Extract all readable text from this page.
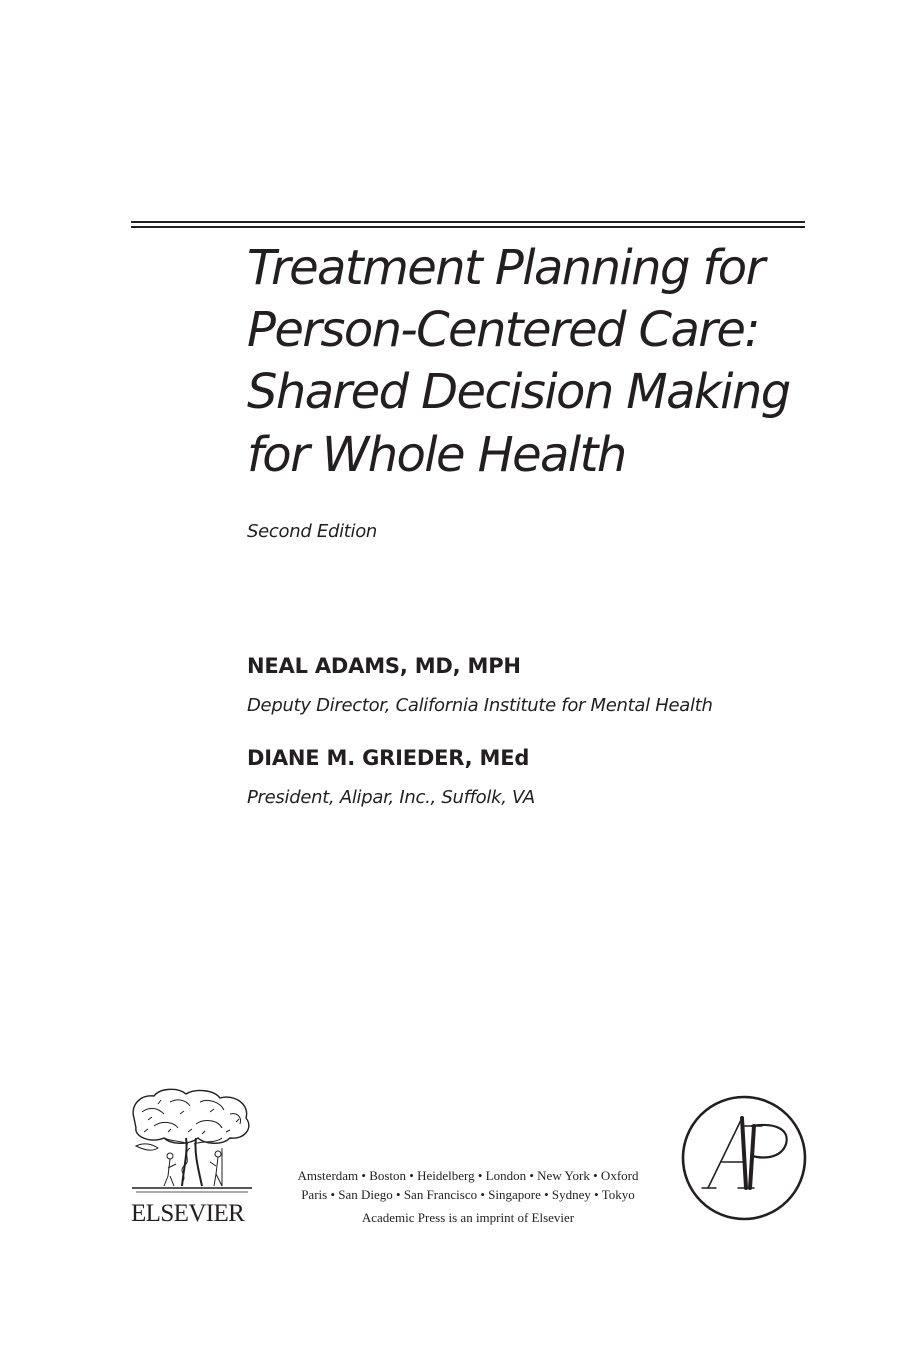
Treatment Planning for
Person-Centered Care:
Shared Decision Making
for Whole Health
Second Edition
NEAL ADAMS, MD, MPH
Deputy Director, California Institute for Mental Health
DIANE M. GRIEDER, MEd
President, Alipar, Inc., Suffolk, VA
ELSEVIER
Amsterdam • Boston • Heidelberg • London • New York • Oxford
Paris • San Diego • San Francisco • Singapore • Sydney • Tokyo
Academic Press is an imprint of Elsevier
